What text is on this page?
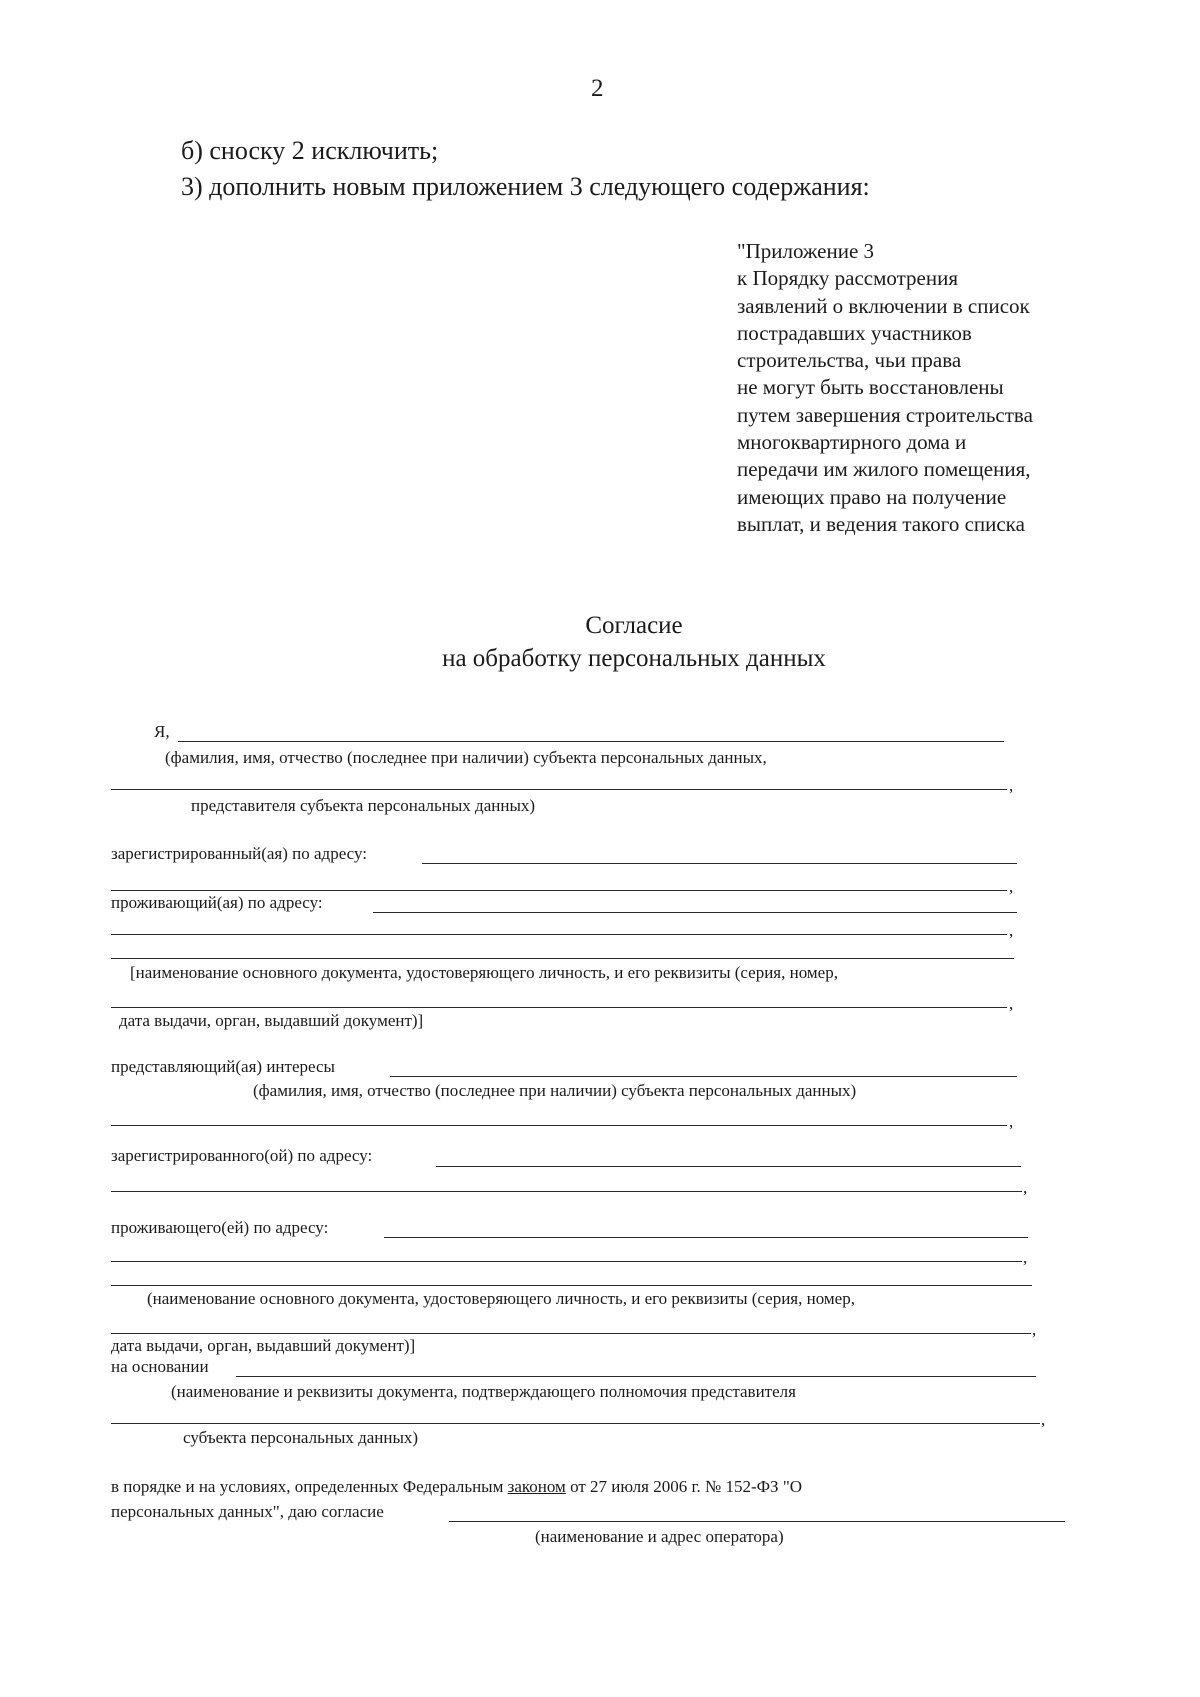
2
б) сноску 2 исключить;
3) дополнить новым приложением 3 следующего содержания:
"Приложение 3
к Порядку рассмотрения
заявлений о включении в список
пострадавших участников
строительства, чьи права
не могут быть восстановлены
путем завершения строительства
многоквартирного дома и
передачи им жилого помещения,
имеющих право на получение
выплат, и ведения такого списка
Согласие
на обработку персональных данных
Я,
(фамилия, имя, отчество (последнее при наличии) субъекта персональных данных,
,
представителя субъекта персональных данных)
зарегистрированный(ая) по адресу:
,
проживающий(ая) по адресу:
,
[наименование основного документа, удостоверяющего личность, и его реквизиты (серия, номер,
,
дата выдачи, орган, выдавший документ)]
представляющий(ая) интересы
(фамилия, имя, отчество (последнее при наличии) субъекта персональных данных)
,
зарегистрированного(ой) по адресу:
,
проживающего(ей) по адресу:
,
(наименование основного документа, удостоверяющего личность, и его реквизиты (серия, номер,
,
дата выдачи, орган, выдавший документ)]
на основании
(наименование и реквизиты документа, подтверждающего полномочия представителя
,
субъекта персональных данных)
в порядке и на условиях, определенных Федеральным законом от 27 июля 2006 г. № 152-ФЗ "О
персональных данных", даю согласие
(наименование и адрес оператора)
